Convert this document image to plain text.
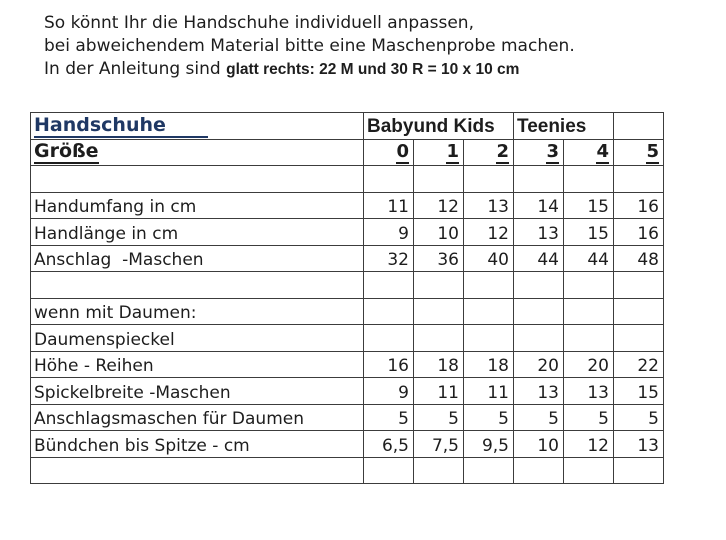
So könnt Ihr die Handschuhe individuell anpassen,
bei abweichendem Material bitte eine Maschenprobe machen.
In der Anleitung sind glatt rechts: 22 M und 30 R = 10 x 10 cm
Handschuhe	Babyund Kids			Teenies		
Größe	0	1	2	3	4	5

Handumfang in cm	11	12	13	14	15	16
Handlänge in cm	9	10	12	13	15	16
Anschlag  -Maschen	32	36	40	44	44	48

wenn mit Daumen:						
Daumenspieckel						
Höhe - Reihen	16	18	18	20	20	22
Spickelbreite -Maschen	9	11	11	13	13	15
Anschlagsmaschen für Daumen	5	5	5	5	5	5
Bündchen bis Spitze - cm	6,5	7,5	9,5	10	12	13
